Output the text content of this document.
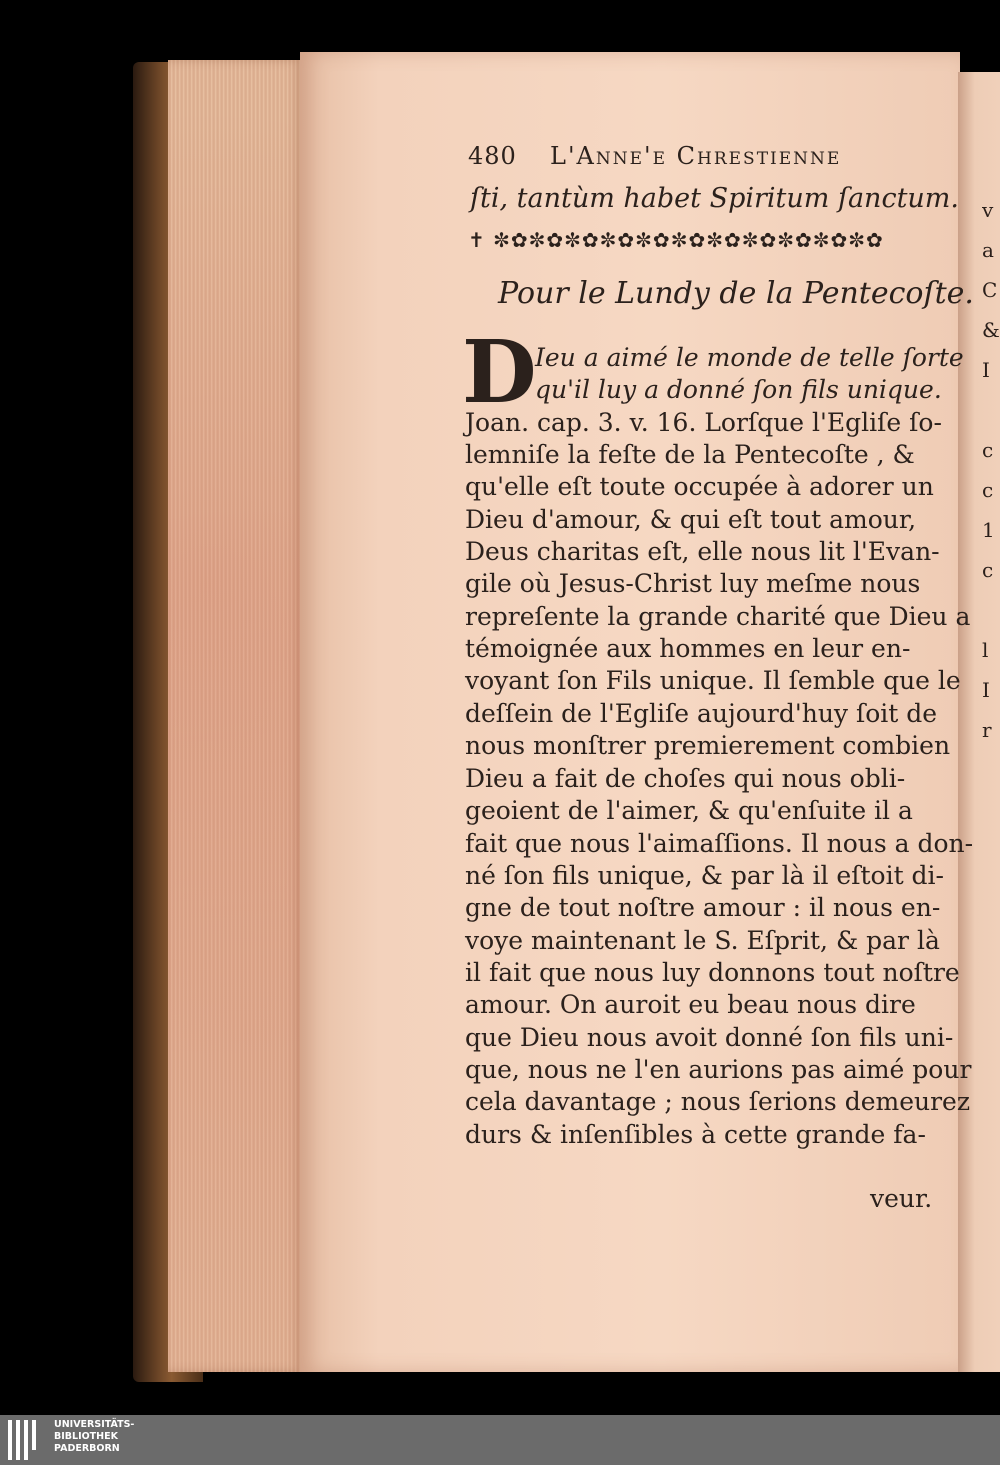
v
a
C
&
I
c
c
1
c
l
I
r
480 L'Anne'e Chrestienne
ſti, tantùm habet Spiritum ſanctum.
✝ ✼✿✼✿✼✿✼✿✼✿✼✿✼✿✼✿✼✿✼✿✼✿
Pour le Lundy de la Pentecoſte.
D
Ieu a aimé le monde de telle ſorte
qu'il luy a donné ſon fils unique.
Joan. cap. 3. v. 16. Lorſque l'Egliſe ſo-
lemniſe la feſte de la Pentecoſte , &
qu'elle eſt toute occupée à adorer un
Dieu d'amour, & qui eſt tout amour,
Deus charitas eſt, elle nous lit l'Evan-
gile où Jesus-Christ luy meſme nous
repreſente la grande charité que Dieu a
témoignée aux hommes en leur en-
voyant ſon Fils unique. Il ſemble que le
deſſein de l'Egliſe aujourd'huy ſoit de
nous monſtrer premierement combien
Dieu a fait de choſes qui nous obli-
geoient de l'aimer, & qu'enſuite il a
fait que nous l'aimaſſions. Il nous a don-
né ſon fils unique, & par là il eſtoit di-
gne de tout noſtre amour : il nous en-
voye maintenant le S. Eſprit, & par là
il fait que nous luy donnons tout noſtre
amour. On auroit eu beau nous dire
que Dieu nous avoit donné ſon fils uni-
que, nous ne l'en aurions pas aimé pour
cela davantage ; nous ſerions demeurez
durs & inſenſibles à cette grande fa-
veur.
UNIVERSITÄTS-
BIBLIOTHEK
PADERBORN
